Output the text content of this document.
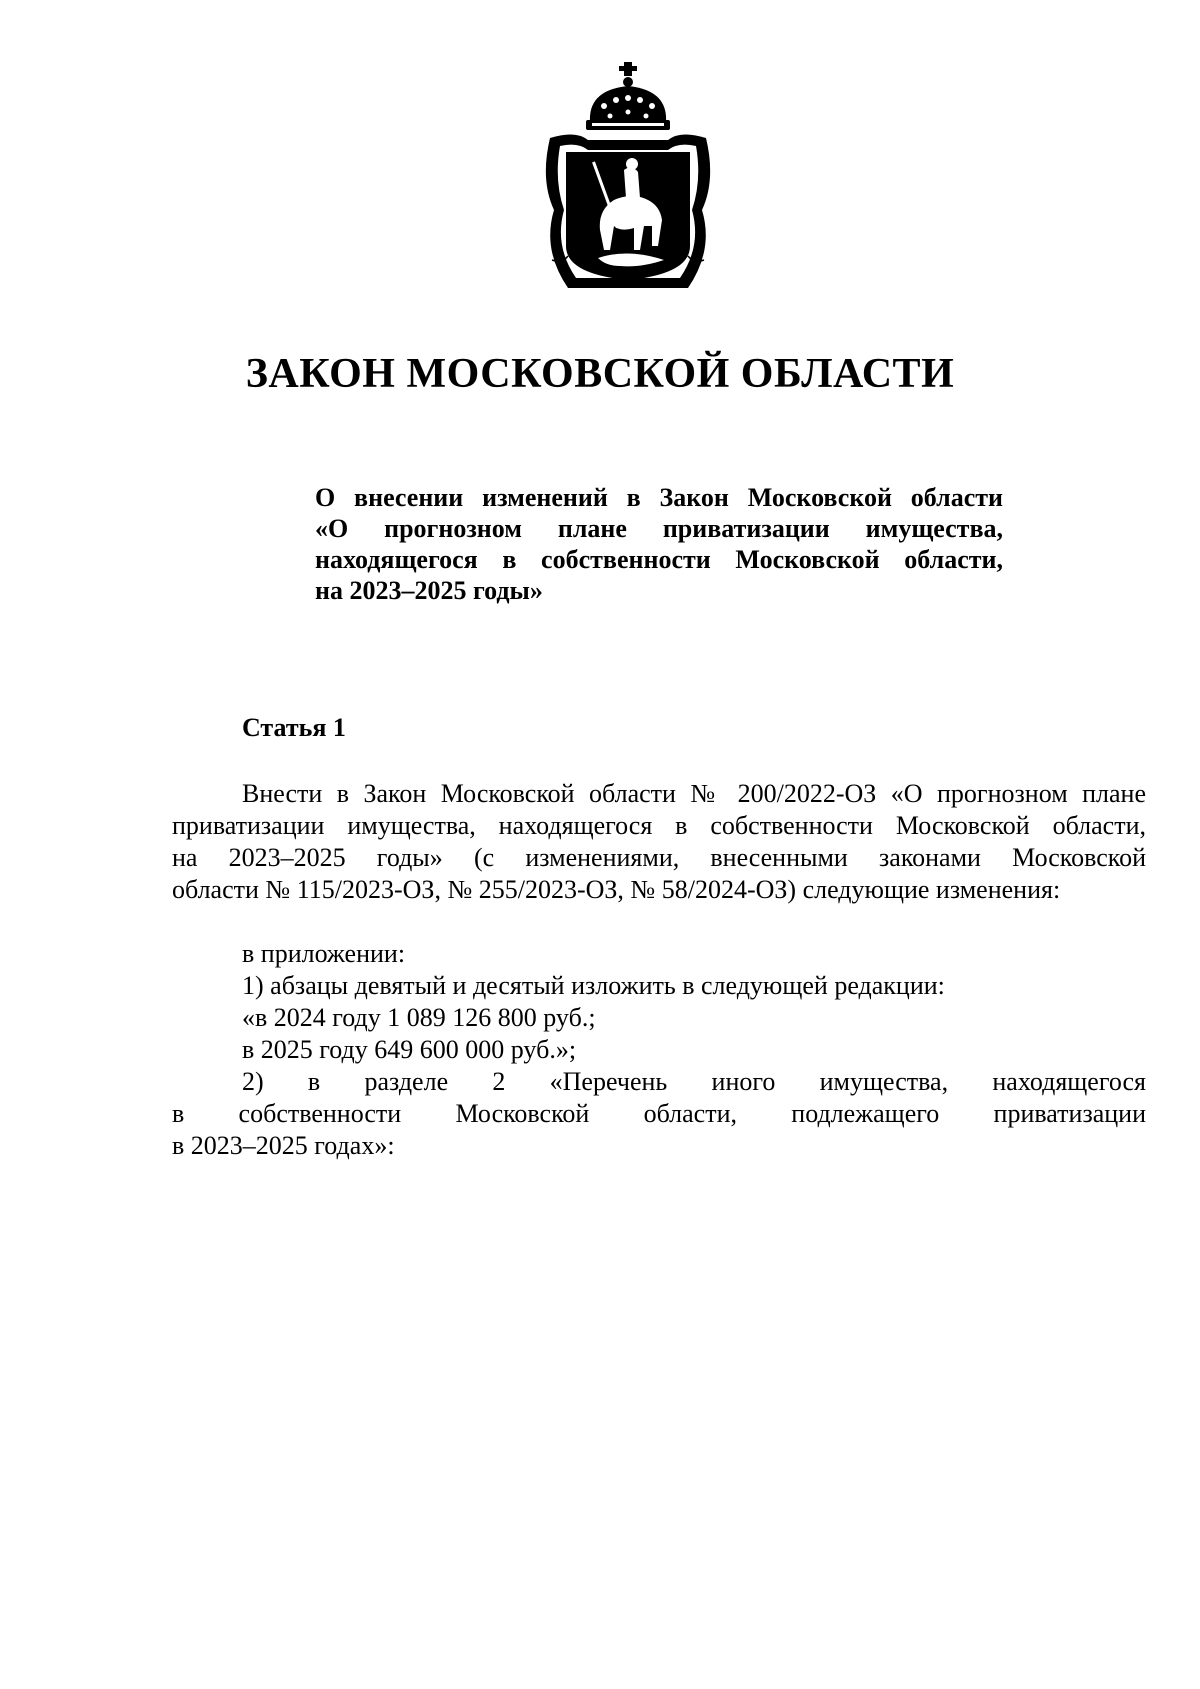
ЗАКОН МОСКОВСКОЙ ОБЛАСТИ
О внесении изменений в Закон Московской области
«О прогнозном плане приватизации имущества,
находящегося в собственности Московской области,
на 2023–2025 годы»
Статья 1
Внести в Закон Московской области № 200/2022-ОЗ «О прогнозном плане
приватизации имущества, находящегося в собственности Московской области,
на 2023–2025 годы» (с изменениями, внесенными законами Московской
области № 115/2023-ОЗ, № 255/2023-ОЗ, № 58/2024-ОЗ) следующие изменения:
в приложении:
1) абзацы девятый и десятый изложить в следующей редакции:
«в 2024 году 1 089 126 800 руб.;
в 2025 году 649 600 000 руб.»;
2) в разделе 2 «Перечень иного имущества, находящегося
в собственности Московской области, подлежащего приватизации
в 2023–2025 годах»:
